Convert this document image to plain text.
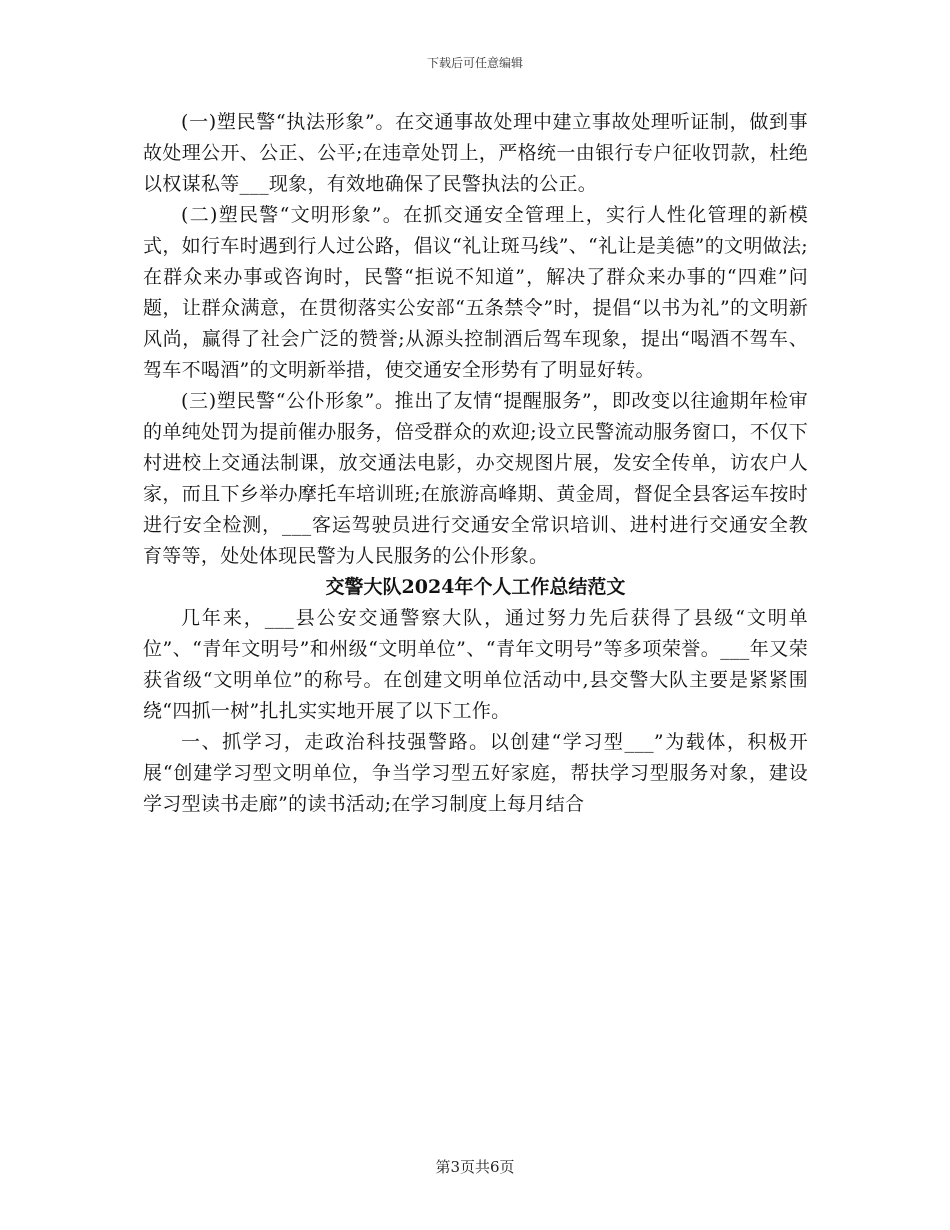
下载后可任意编辑

(一)塑民警“执法形象”。在交通事故处理中建立事故处理听证制，做到事故处理公开、公正、公平;在违章处罚上，严格统一由银行专户征收罚款，杜绝以权谋私等___现象，有效地确保了民警执法的公正。

(二)塑民警“文明形象”。在抓交通安全管理上，实行人性化管理的新模式，如行车时遇到行人过公路，倡议“礼让斑马线”、“礼让是美德”的文明做法;在群众来办事或咨询时，民警“拒说不知道”，解决了群众来办事的“四难”问题，让群众满意，在贯彻落实公安部“五条禁令”时，提倡“以书为礼”的文明新风尚，赢得了社会广泛的赞誉;从源头控制酒后驾车现象，提出“喝酒不驾车、驾车不喝酒”的文明新举措，使交通安全形势有了明显好转。

(三)塑民警“公仆形象”。推出了友情“提醒服务”，即改变以往逾期年检审的单纯处罚为提前催办服务，倍受群众的欢迎;设立民警流动服务窗口，不仅下村进校上交通法制课，放交通法电影，办交规图片展，发安全传单，访农户人家，而且下乡举办摩托车培训班;在旅游高峰期、黄金周，督促全县客运车按时进行安全检测，___客运驾驶员进行交通安全常识培训、进村进行交通安全教育等等，处处体现民警为人民服务的公仆形象。

交警大队2024年个人工作总结范文

几年来，___县公安交通警察大队，通过努力先后获得了县级“文明单位”、“青年文明号”和州级“文明单位”、“青年文明号”等多项荣誉。___年又荣获省级“文明单位”的称号。在创建文明单位活动中,县交警大队主要是紧紧围绕“四抓一树”扎扎实实地开展了以下工作。

一、抓学习，走政治科技强警路。以创建“学习型___”为载体，积极开展“创建学习型文明单位，争当学习型五好家庭，帮扶学习型服务对象，建设学习型读书走廊”的读书活动;在学习制度上每月结合

第3页共6页
